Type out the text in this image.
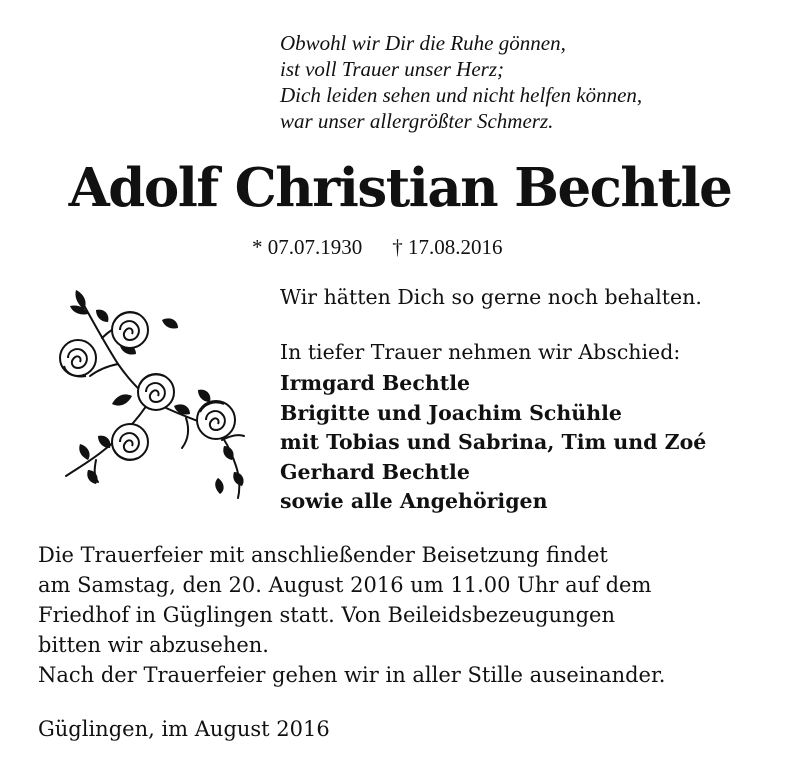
Obwohl wir Dir die Ruhe gönnen,
ist voll Trauer unser Herz;
Dich leiden sehen und nicht helfen können,
war unser allergrößter Schmerz.
Adolf Christian Bechtle
* 07.07.1930 † 17.08.2016
Wir hätten Dich so gerne noch behalten.
In tiefer Trauer nehmen wir Abschied:
Irmgard Bechtle
Brigitte und Joachim Schühle
mit Tobias und Sabrina, Tim und Zoé
Gerhard Bechtle
sowie alle Angehörigen
Die Trauerfeier mit anschließender Beisetzung findet
am Samstag, den 20. August 2016 um 11.00 Uhr auf dem
Friedhof in Güglingen statt. Von Beileidsbezeugungen
bitten wir abzusehen.
Nach der Trauerfeier gehen wir in aller Stille auseinander.
Güglingen, im August 2016
